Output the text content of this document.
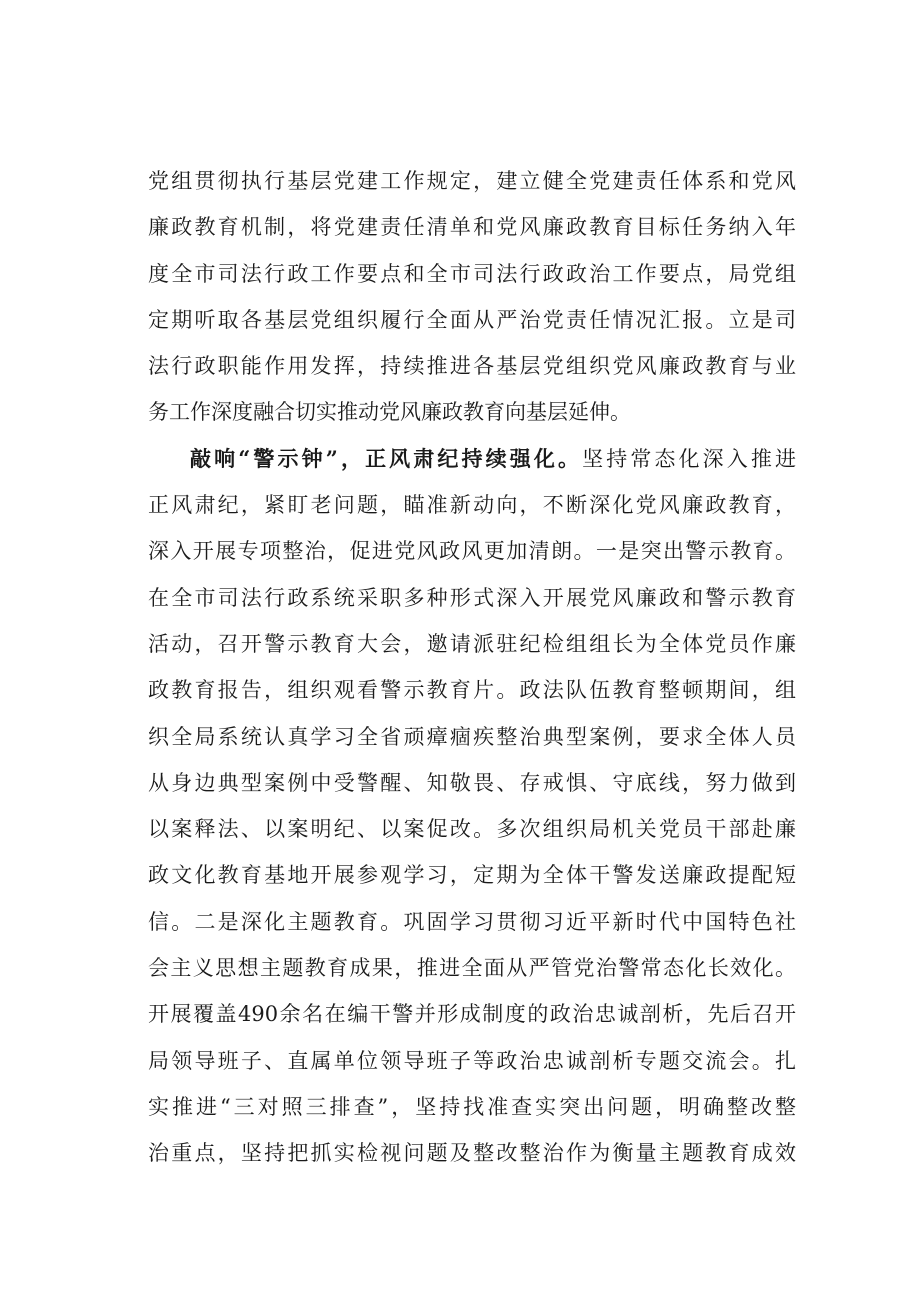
党组贯彻执行基层党建工作规定，建立健全党建责任体系和党风
廉政教育机制，将党建责任清单和党风廉政教育目标任务纳入年
度全市司法行政工作要点和全市司法行政政治工作要点，局党组
定期听取各基层党组织履行全面从严治党责任情况汇报。立是司
法行政职能作用发挥，持续推进各基层党组织党风廉政教育与业
务工作深度融合切实推动党风廉政教育向基层延伸。
敲响“警示钟”，正风肃纪持续强化。坚持常态化深入推进
正风肃纪，紧盯老问题，瞄准新动向，不断深化党风廉政教育，
深入开展专项整治，促进党风政风更加清朗。一是突出警示教育。
在全市司法行政系统采职多种形式深入开展党风廉政和警示教育
活动，召开警示教育大会，邀请派驻纪检组组长为全体党员作廉
政教育报告，组织观看警示教育片。政法队伍教育整顿期间，组
织全局系统认真学习全省顽瘴痼疾整治典型案例，要求全体人员
从身边典型案例中受警醒、知敬畏、存戒惧、守底线，努力做到
以案释法、以案明纪、以案促改。多次组织局机关党员干部赴廉
政文化教育基地开展参观学习，定期为全体干警发送廉政提配短
信。二是深化主题教育。巩固学习贯彻习近平新时代中国特色社
会主义思想主题教育成果，推进全面从严管党治警常态化长效化。
开展覆盖490余名在编干警并形成制度的政治忠诚剖析，先后召开
局领导班子、直属单位领导班子等政治忠诚剖析专题交流会。扎
实推进“三对照三排查”，坚持找准查实突出问题，明确整改整
治重点，坚持把抓实检视问题及整改整治作为衡量主题教育成效
